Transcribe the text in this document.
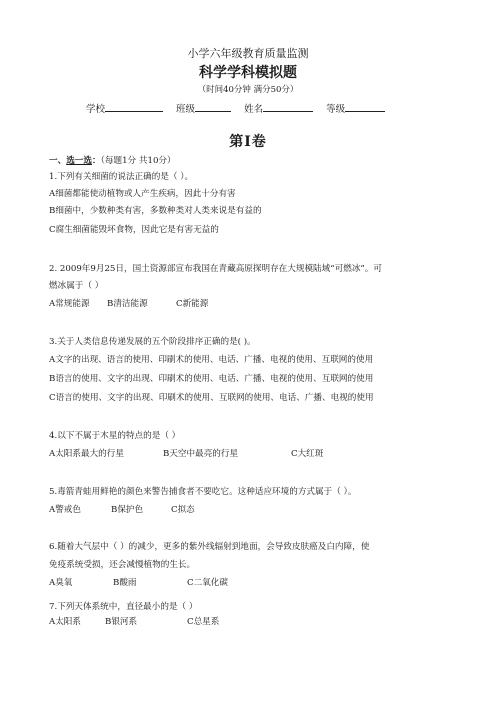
小学六年级教育质量监测
科学学科模拟题
（时间40分钟 满分50分）
学校	班级	姓名	等级
第Ⅰ卷
一、选一选：（每题1分 共10分）
1.下列有关细菌的说法正确的是（ ）。
A细菌都能使动植物或人产生疾病，因此十分有害
B细菌中，少数种类有害，多数种类对人类来说是有益的
C腐生细菌能毁坏食物，因此它是有害无益的
2. 2009年9月25日，国土资源部宣布我国在青藏高原探明存在大规模陆域“可燃冰”。可
燃冰属于（ ）
A常规能源 B清洁能源	C新能源
3.关于人类信息传递发展的五个阶段排序正确的是( )。
A文字的出现、语言的使用、印刷术的使用、电话、广播、电视的使用、互联网的使用
B语言的使用、文字的出现、印刷术的使用、电话、广播、电视的使用、互联网的使用
C语言的使用、文字的出现、印刷术的使用、互联网的使用、电话、广播、电视的使用
4.以下不属于木星的特点的是（ ）
A太阳系最大的行星	B天空中最亮的行星	C大红斑
5.毒箭青蛙用鲜艳的颜色来警告捕食者不要吃它。这种适应环境的方式属于（ ）。
A警戒色	B保护色	C拟态
6.随着大气层中（ ）的减少，更多的紫外线辐射到地面，会导致皮肤癌及白内障，使
免疫系统受损，还会减慢植物的生长。
A臭氧	B酸雨	C二氧化碳
7.下列天体系统中，直径最小的是（ ）
A太阳系	B银河系	C总星系
